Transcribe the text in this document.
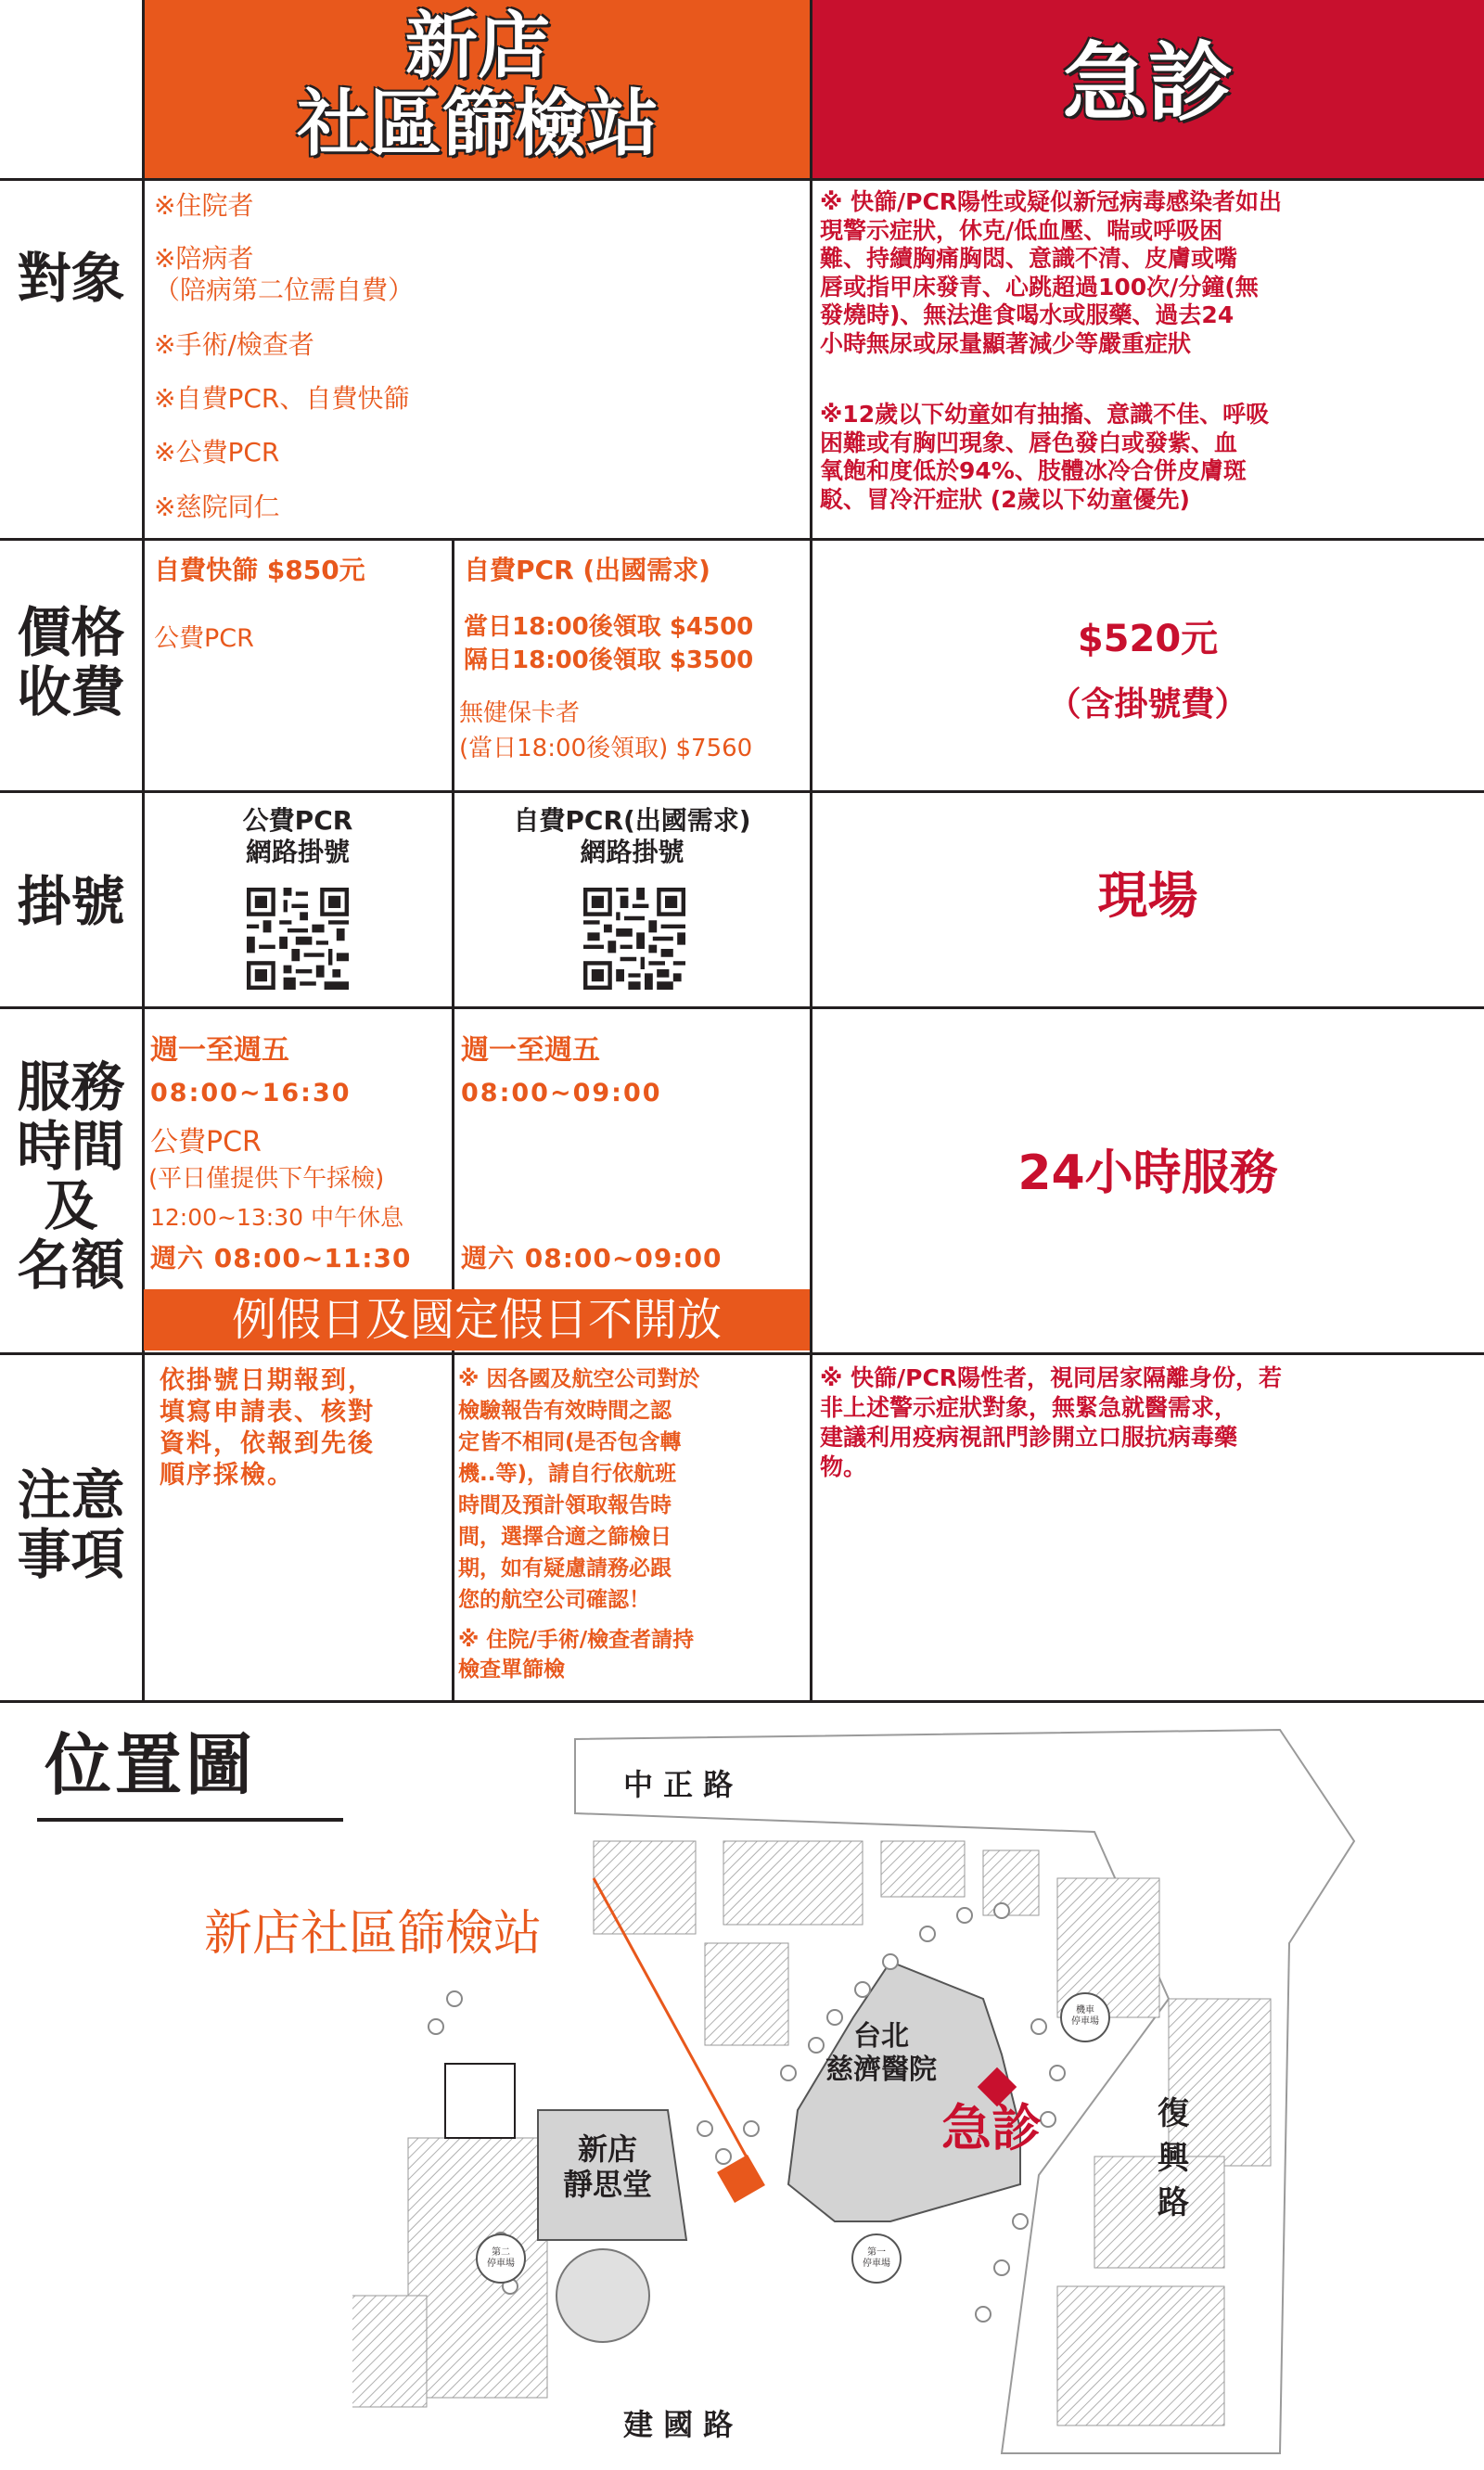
新店
社區篩檢站	急診
對象
價格
收費
掛號
服務
時間
及
名額
注意
事項
※住院者
※陪病者
（陪病第二位需自費）
※手術/檢查者
※自費PCR、自費快篩
※公費PCR
※慈院同仁
※ 快篩/PCR陽性或疑似新冠病毒感染者如出
現警示症狀，休克/低血壓、喘或呼吸困
難、持續胸痛胸悶、意識不清、皮膚或嘴
唇或指甲床發青、心跳超過100次/分鐘(無
發燒時)、無法進食喝水或服藥、過去24
小時無尿或尿量顯著減少等嚴重症狀
※12歲以下幼童如有抽搐、意識不佳、呼吸
困難或有胸凹現象、唇色發白或發紫、血
氧飽和度低於94%、肢體冰冷合併皮膚斑
駁、冒冷汗症狀 (2歲以下幼童優先)
自費快篩 $850元
公費PCR
自費PCR (出國需求)
當日18:00後領取 $4500
隔日18:00後領取 $3500
無健保卡者
(當日18:00後領取) $7560
$520元
（含掛號費）
公費PCR
網路掛號
自費PCR(出國需求)
網路掛號
現場
週一至週五
08:00~16:30
公費PCR
(平日僅提供下午採檢)
12:00~13:30 中午休息
週六 08:00~11:30
週一至週五
08:00~09:00
週六 08:00~09:00
例假日及國定假日不開放
24小時服務
依掛號日期報到，
填寫申請表、核對
資料，依報到先後
順序採檢。
※ 因各國及航空公司對於
檢驗報告有效時間之認
定皆不相同(是否包含轉
機..等)，請自行依航班
時間及預計領取報告時
間，選擇合適之篩檢日
期，如有疑慮請務必跟
您的航空公司確認！
※ 住院/手術/檢查者請持
檢查單篩檢
※ 快篩/PCR陽性者，視同居家隔離身份，若
非上述警示症狀對象，無緊急就醫需求，
建議利用疫病視訊門診開立口服抗病毒藥
物。
位置圖	中 正 路
建 國 路
復
興
路
新店社區篩檢站
台北
慈濟醫院
新店
靜思堂
急診
機車
停車場
第二
停車場
第一
停車場
